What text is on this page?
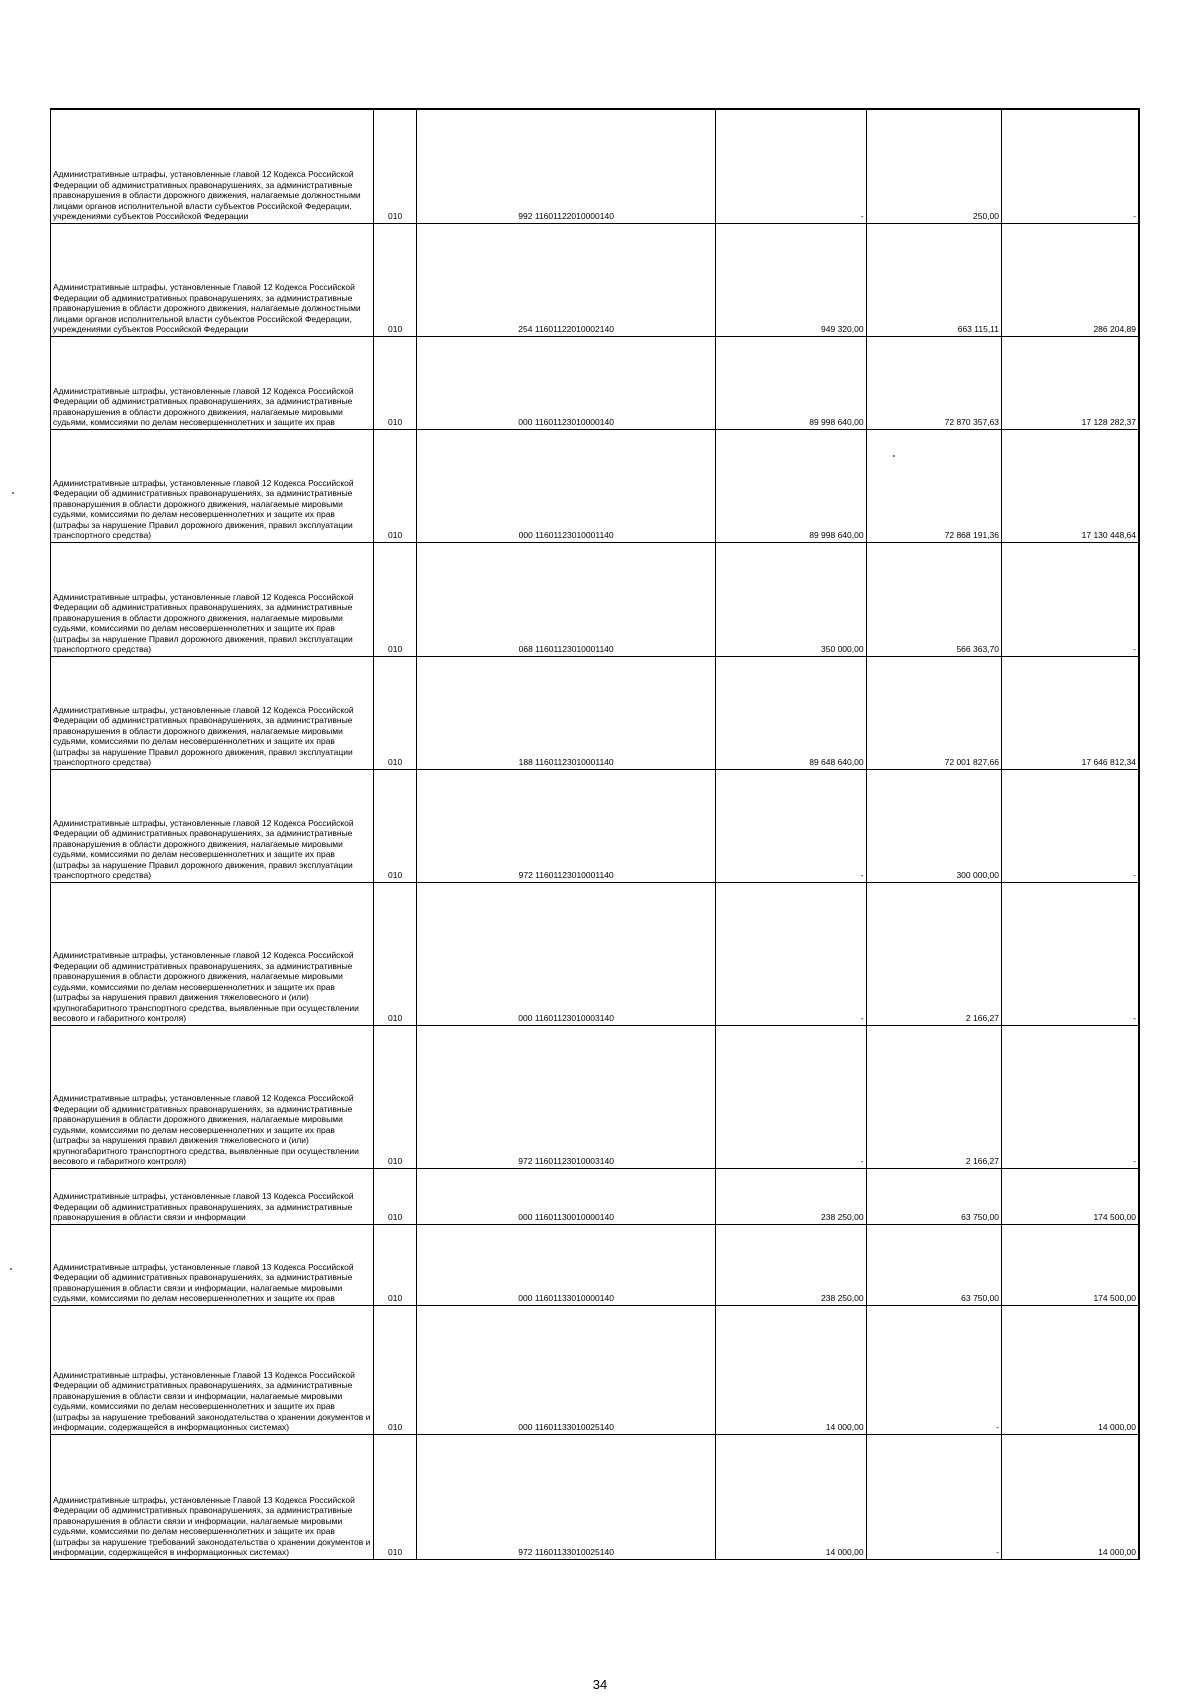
Административные штрафы, установленные главой 12 Кодекса Российской Федерации об административных правонарушениях, за административные правонарушения в области дорожного движения, налагаемые должностными лицами органов исполнительной власти субъектов Российской Федерации, учреждениями субъектов Российской Федерации	010	992 11601122010000140	-	250,00	-
Административные штрафы, установленные Главой 12 Кодекса Российской Федерации об административных правонарушениях, за административные правонарушения в области дорожного движения, налагаемые должностными лицами органов исполнительной власти субъектов Российской Федерации, учреждениями субъектов Российской Федерации	010	254 11601122010002140	949 320,00	663 115,11	286 204,89
Административные штрафы, установленные главой 12 Кодекса Российской Федерации об административных правонарушениях, за административные правонарушения в области дорожного движения, налагаемые мировыми судьями, комиссиями по делам несовершеннолетних и защите их прав	010	000 11601123010000140	89 998 640,00	72 870 357,63	17 128 282,37
Административные штрафы, установленные главой 12 Кодекса Российской Федерации об административных правонарушениях, за административные правонарушения в области дорожного движения, налагаемые мировыми судьями, комиссиями по делам несовершеннолетних и защите их прав (штрафы за нарушение Правил дорожного движения, правил эксплуатации транспортного средства)	010	000 11601123010001140	89 998 640,00	72 868 191,36	17 130 448,64
Административные штрафы, установленные главой 12 Кодекса Российской Федерации об административных правонарушениях, за административные правонарушения в области дорожного движения, налагаемые мировыми судьями, комиссиями по делам несовершеннолетних и защите их прав (штрафы за нарушение Правил дорожного движения, правил эксплуатации транспортного средства)	010	068 11601123010001140	350 000,00	566 363,70	-
Административные штрафы, установленные главой 12 Кодекса Российской Федерации об административных правонарушениях, за административные правонарушения в области дорожного движения, налагаемые мировыми судьями, комиссиями по делам несовершеннолетних и защите их прав (штрафы за нарушение Правил дорожного движения, правил эксплуатации транспортного средства)	010	188 11601123010001140	89 648 640,00	72 001 827,66	17 646 812,34
Административные штрафы, установленные главой 12 Кодекса Российской Федерации об административных правонарушениях, за административные правонарушения в области дорожного движения, налагаемые мировыми судьями, комиссиями по делам несовершеннолетних и защите их прав (штрафы за нарушение Правил дорожного движения, правил эксплуатации транспортного средства)	010	972 11601123010001140	-	300 000,00	-
Административные штрафы, установленные главой 12 Кодекса Российской Федерации об административных правонарушениях, за административные правонарушения в области дорожного движения, налагаемые мировыми судьями, комиссиями по делам несовершеннолетних и защите их прав (штрафы за нарушения правил движения тяжеловесного и (или) крупногабаритного транспортного средства, выявленные при осуществлении весового и габаритного контроля)	010	000 11601123010003140	-	2 166,27	-
Административные штрафы, установленные главой 12 Кодекса Российской Федерации об административных правонарушениях, за административные правонарушения в области дорожного движения, налагаемые мировыми судьями, комиссиями по делам несовершеннолетних и защите их прав (штрафы за нарушения правил движения тяжеловесного и (или) крупногабаритного транспортного средства, выявленные при осуществлении весового и габаритного контроля)	010	972 11601123010003140	-	2 166,27	-
Административные штрафы, установленные главой 13 Кодекса Российской Федерации об административных правонарушениях, за административные правонарушения в области связи и информации	010	000 11601130010000140	238 250,00	63 750,00	174 500,00
Административные штрафы, установленные главой 13 Кодекса Российской Федерации об административных правонарушениях, за административные правонарушения в области связи и информации, налагаемые мировыми судьями, комиссиями по делам несовершеннолетних и защите их прав	010	000 11601133010000140	238 250,00	63 750,00	174 500,00
Административные штрафы, установленные Главой 13 Кодекса Российской Федерации об административных правонарушениях, за административные правонарушения в области связи и информации, налагаемые мировыми судьями, комиссиями по делам несовершеннолетних и защите их прав (штрафы за нарушение требований законодательства о хранении документов и информации, содержащейся в информационных системах)	010	000 11601133010025140	14 000,00	-	14 000,00
Административные штрафы, установленные Главой 13 Кодекса Российской Федерации об административных правонарушениях, за административные правонарушения в области связи и информации, налагаемые мировыми судьями, комиссиями по делам несовершеннолетних и защите их прав (штрафы за нарушение требований законодательства о хранении документов и информации, содержащейся в информационных системах)	010	972 11601133010025140	14 000,00	-	14 000,00
34
